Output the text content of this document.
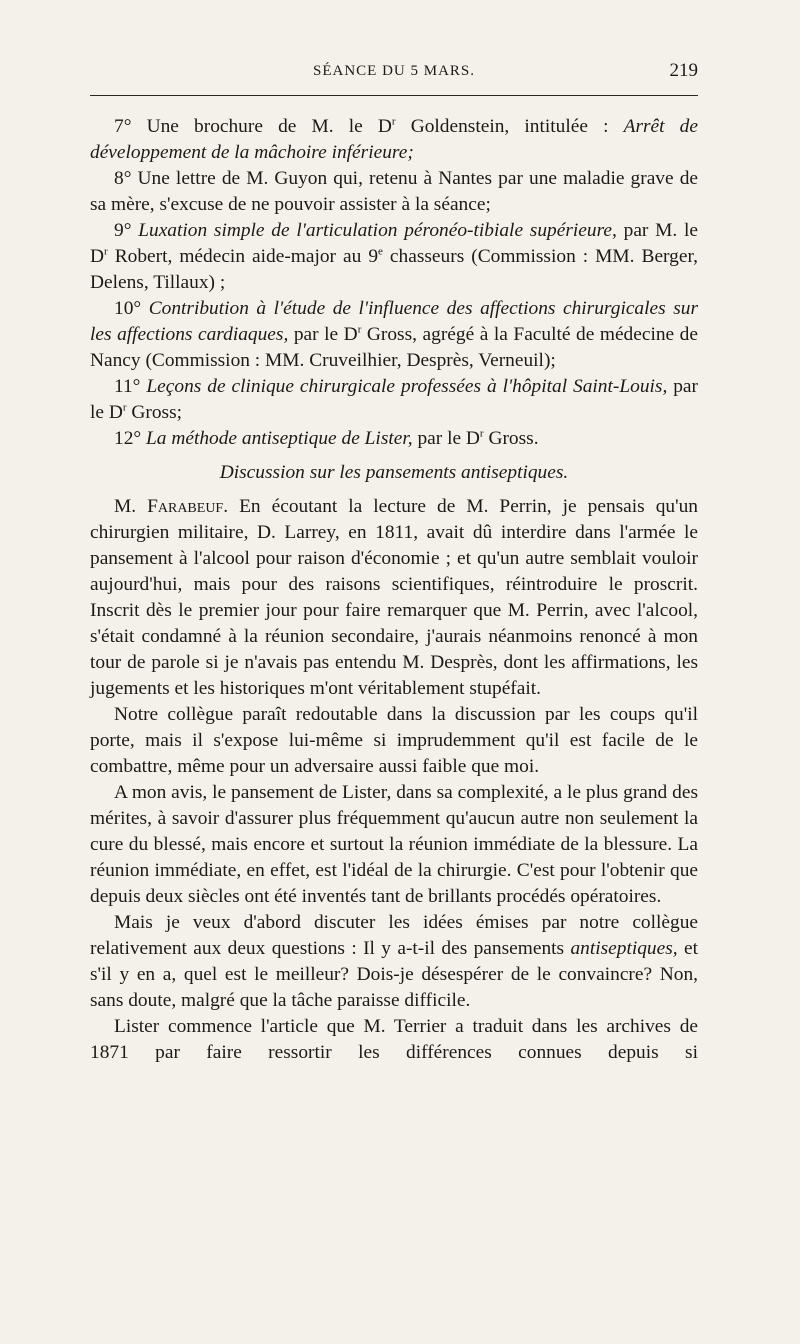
SÉANCE DU 5 MARS.	219

7° Une brochure de M. le $D^r$ Goldenstein, intitulée : Arrêt de développement de la mâchoire inférieure;

8° Une lettre de M. Guyon qui, retenu à Nantes par une maladie grave de sa mère, s'excuse de ne pouvoir assister à la séance;

9° Luxation simple de l'articulation péronéo-tibiale supérieure, par M. le $D^r$ Robert, médecin aide-major au 9e chasseurs (Commission : MM. Berger, Delens, Tillaux) ;

10° Contribution à l'étude de l'influence des affections chirurgicales sur les affections cardiaques, par le $D^r$ Gross, agrégé à la Faculté de médecine de Nancy (Commission : MM. Cruveilhier, Desprès, Verneuil);

11° Leçons de clinique chirurgicale professées à l'hôpital Saint-Louis, par le $D^r$ Gross;

12° La méthode antiseptique de Lister, par le $D^r$ Gross.

Discussion sur les pansements antiseptiques.

M. Farabeuf. En écoutant la lecture de M. Perrin, je pensais qu'un chirurgien militaire, D. Larrey, en 1811, avait dû interdire dans l'armée le pansement à l'alcool pour raison d'économie ; et qu'un autre semblait vouloir aujourd'hui, mais pour des raisons scientifiques, réintroduire le proscrit. Inscrit dès le premier jour pour faire remarquer que M. Perrin, avec l'alcool, s'était condamné à la réunion secondaire, j'aurais néanmoins renoncé à mon tour de parole si je n'avais pas entendu M. Desprès, dont les affirmations, les jugements et les historiques m'ont véritablement stupéfait.

Notre collègue paraît redoutable dans la discussion par les coups qu'il porte, mais il s'expose lui-même si imprudemment qu'il est facile de le combattre, même pour un adversaire aussi faible que moi.

A mon avis, le pansement de Lister, dans sa complexité, a le plus grand des mérites, à savoir d'assurer plus fréquemment qu'aucun autre non seulement la cure du blessé, mais encore et surtout la réunion immédiate de la blessure. La réunion immédiate, en effet, est l'idéal de la chirurgie. C'est pour l'obtenir que depuis deux siècles ont été inventés tant de brillants procédés opératoires.

Mais je veux d'abord discuter les idées émises par notre collègue relativement aux deux questions : Il y a-t-il des pansements antiseptiques, et s'il y en a, quel est le meilleur? Dois-je désespérer de le convaincre? Non, sans doute, malgré que la tâche paraisse difficile.

Lister commence l'article que M. Terrier a traduit dans les archives de 1871 par faire ressortir les différences connues depuis si
